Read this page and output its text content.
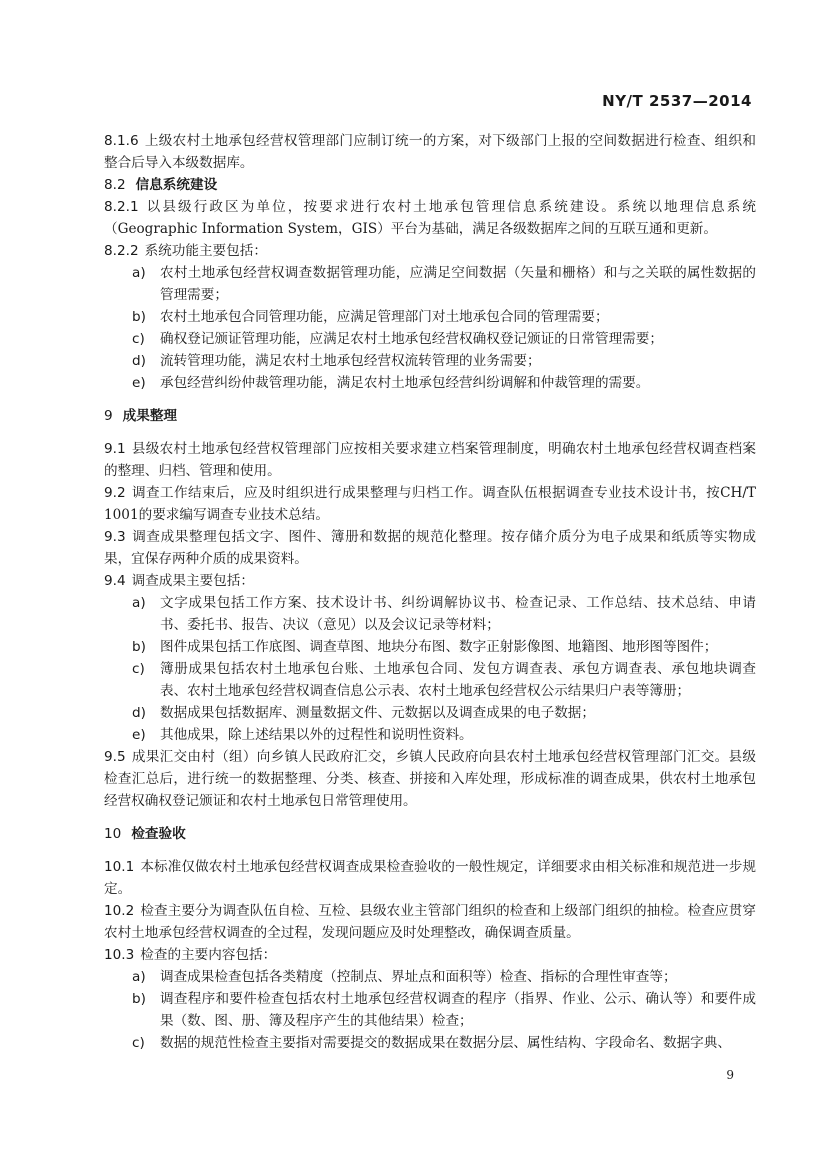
NY/T 2537—2014

8.1.6 上级农村土地承包经营权管理部门应制订统一的方案，对下级部门上报的空间数据进行检查、组织和整合后导入本级数据库。

8.2 信息系统建设

8.2.1 以县级行政区为单位，按要求进行农村土地承包管理信息系统建设。系统以地理信息系统（Geographic Information System，GIS）平台为基础，满足各级数据库之间的互联互通和更新。

8.2.2 系统功能主要包括：

a) 农村土地承包经营权调查数据管理功能，应满足空间数据（矢量和栅格）和与之关联的属性数据的管理需要；

b) 农村土地承包合同管理功能，应满足管理部门对土地承包合同的管理需要；

c) 确权登记颁证管理功能，应满足农村土地承包经营权确权登记颁证的日常管理需要；

d) 流转管理功能，满足农村土地承包经营权流转管理的业务需要；

e) 承包经营纠纷仲裁管理功能，满足农村土地承包经营纠纷调解和仲裁管理的需要。

9 成果整理

9.1 县级农村土地承包经营权管理部门应按相关要求建立档案管理制度，明确农村土地承包经营权调查档案的整理、归档、管理和使用。

9.2 调查工作结束后，应及时组织进行成果整理与归档工作。调查队伍根据调查专业技术设计书，按CH/T 1001的要求编写调查专业技术总结。

9.3 调查成果整理包括文字、图件、簿册和数据的规范化整理。按存储介质分为电子成果和纸质等实物成果，宜保存两种介质的成果资料。

9.4 调查成果主要包括：

a) 文字成果包括工作方案、技术设计书、纠纷调解协议书、检查记录、工作总结、技术总结、申请书、委托书、报告、决议（意见）以及会议记录等材料；

b) 图件成果包括工作底图、调查草图、地块分布图、数字正射影像图、地籍图、地形图等图件；

c) 簿册成果包括农村土地承包台账、土地承包合同、发包方调查表、承包方调查表、承包地块调查表、农村土地承包经营权调查信息公示表、农村土地承包经营权公示结果归户表等簿册；

d) 数据成果包括数据库、测量数据文件、元数据以及调查成果的电子数据；

e) 其他成果，除上述结果以外的过程性和说明性资料。

9.5 成果汇交由村（组）向乡镇人民政府汇交，乡镇人民政府向县农村土地承包经营权管理部门汇交。县级检查汇总后，进行统一的数据整理、分类、核查、拼接和入库处理，形成标准的调查成果，供农村土地承包经营权确权登记颁证和农村土地承包日常管理使用。

10 检查验收

10.1 本标准仅做农村土地承包经营权调查成果检查验收的一般性规定，详细要求由相关标准和规范进一步规定。

10.2 检查主要分为调查队伍自检、互检、县级农业主管部门组织的检查和上级部门组织的抽检。检查应贯穿农村土地承包经营权调查的全过程，发现问题应及时处理整改，确保调查质量。

10.3 检查的主要内容包括：

a) 调查成果检查包括各类精度（控制点、界址点和面积等）检查、指标的合理性审查等；

b) 调查程序和要件检查包括农村土地承包经营权调查的程序（指界、作业、公示、确认等）和要件成果（数、图、册、簿及程序产生的其他结果）检查；

c) 数据的规范性检查主要指对需要提交的数据成果在数据分层、属性结构、字段命名、数据字典、

9
